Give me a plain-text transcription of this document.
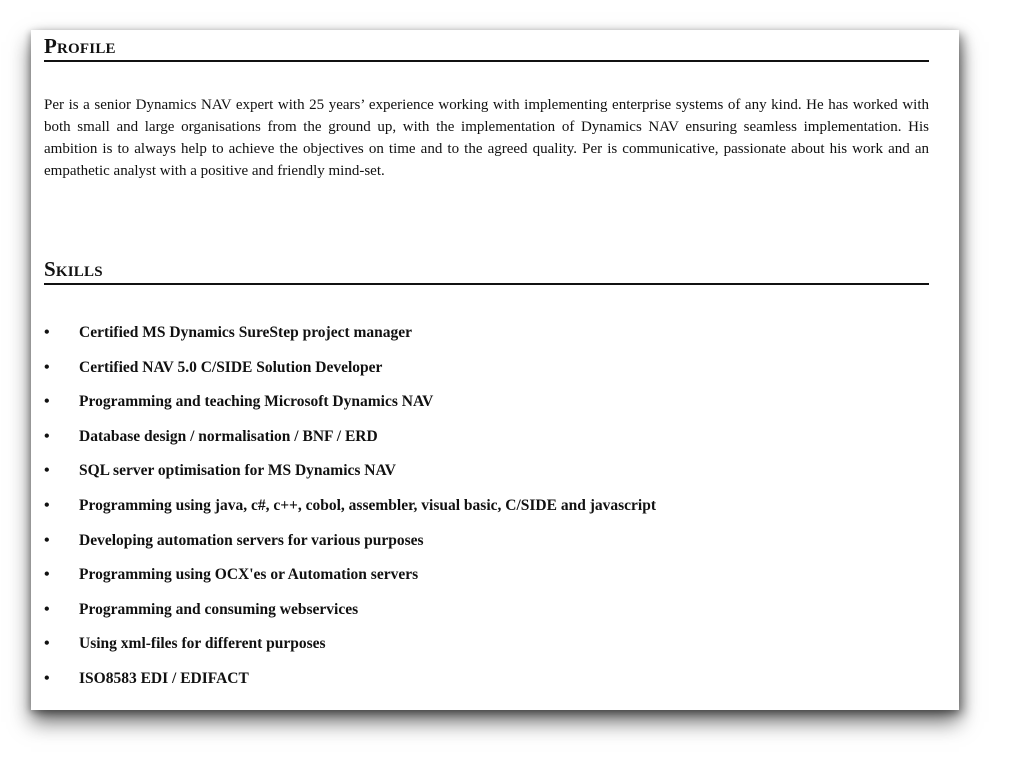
Profile

Per is a senior Dynamics NAV expert with 25 years’ experience working with implementing enterprise systems of any kind. He has worked with both small and large organisations from the ground up, with the implementation of Dynamics NAV ensuring seamless implementation. His ambition is to always help to achieve the objectives on time and to the agreed quality. Per is communicative, passionate about his work and an empathetic analyst with a positive and friendly mind-set.

Skills
• Certified MS Dynamics SureStep project manager
• Certified NAV 5.0 C/SIDE Solution Developer
• Programming and teaching Microsoft Dynamics NAV
• Database design / normalisation / BNF / ERD
• SQL server optimisation for MS Dynamics NAV
• Programming using java, c#, c++, cobol, assembler, visual basic, C/SIDE and javascript
• Developing automation servers for various purposes
• Programming using OCX'es or Automation servers
• Programming and consuming webservices
• Using xml-files for different purposes
• ISO8583 EDI / EDIFACT
